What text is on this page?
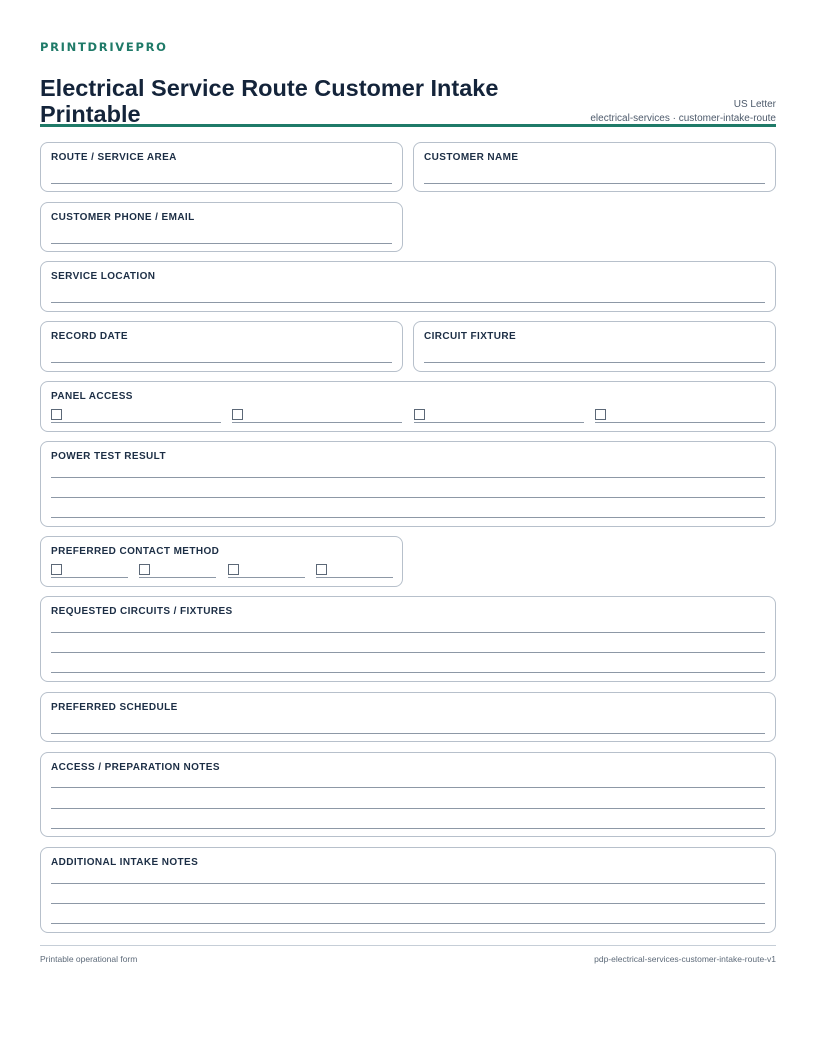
PRINTDRIVEPRO
Electrical Service Route Customer Intake Printable	US Letter
electrical-services · customer-intake-route
ROUTE / SERVICE AREA	CUSTOMER NAME
CUSTOMER PHONE / EMAIL
SERVICE LOCATION
RECORD DATE	CIRCUIT FIXTURE
PANEL ACCESS
POWER TEST RESULT
PREFERRED CONTACT METHOD
REQUESTED CIRCUITS / FIXTURES
PREFERRED SCHEDULE
ACCESS / PREPARATION NOTES
ADDITIONAL INTAKE NOTES
Printable operational form	pdp-electrical-services-customer-intake-route-v1
